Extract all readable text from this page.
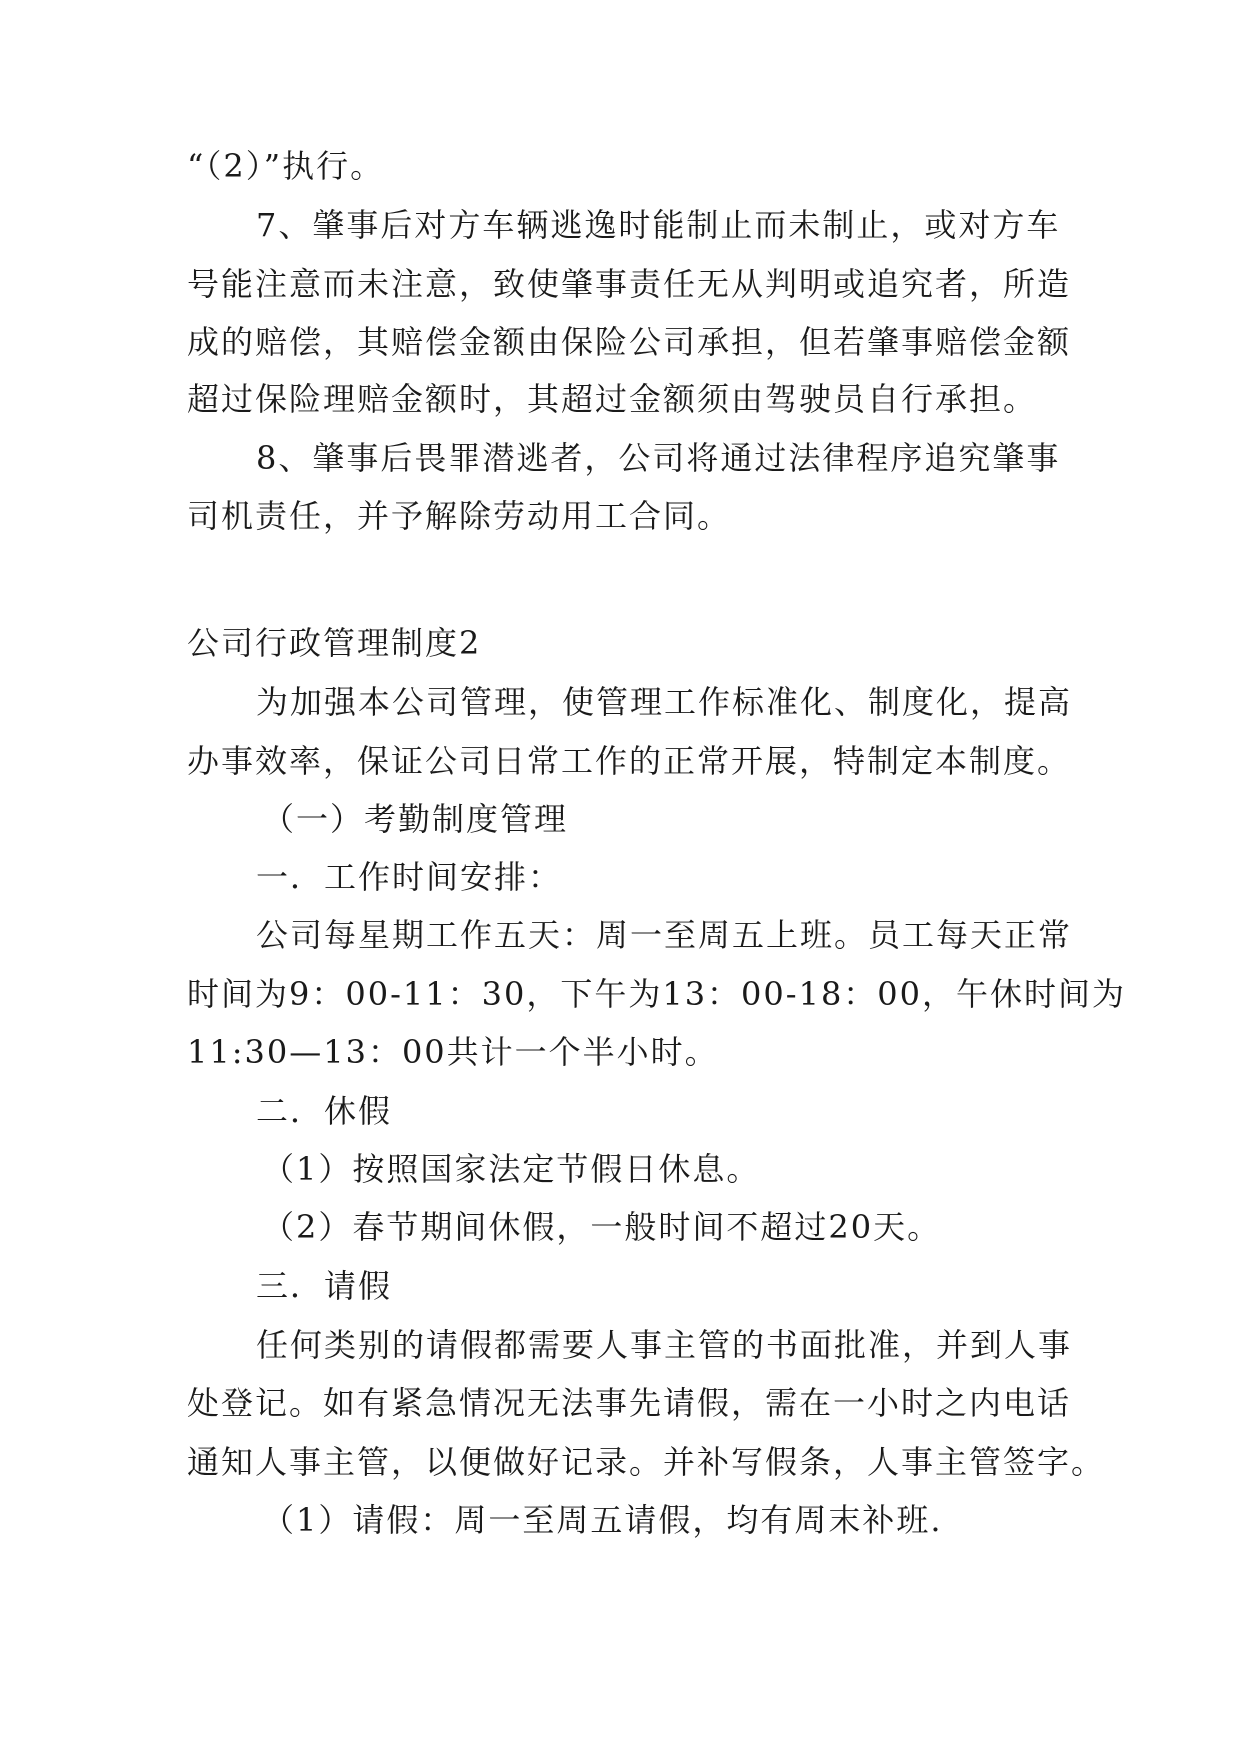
“（2）”执行。
7、肇事后对方车辆逃逸时能制止而未制止，或对方车
号能注意而未注意，致使肇事责任无从判明或追究者，所造
成的赔偿，其赔偿金额由保险公司承担，但若肇事赔偿金额
超过保险理赔金额时，其超过金额须由驾驶员自行承担。
8、肇事后畏罪潜逃者，公司将通过法律程序追究肇事
司机责任，并予解除劳动用工合同。
公司行政管理制度2
为加强本公司管理，使管理工作标准化、制度化，提高
办事效率，保证公司日常工作的正常开展，特制定本制度。
（一）考勤制度管理
一．工作时间安排：
公司每星期工作五天：周一至周五上班。员工每天正常
时间为9：00-11：30，下午为13：00-18：00，午休时间为
11:30—13：00共计一个半小时。
二．休假
（1）按照国家法定节假日休息。
（2）春节期间休假，一般时间不超过20天。
三．请假
任何类别的请假都需要人事主管的书面批准，并到人事
处登记。如有紧急情况无法事先请假，需在一小时之内电话
通知人事主管，以便做好记录。并补写假条，人事主管签字。
（1）请假：周一至周五请假，均有周末补班.
